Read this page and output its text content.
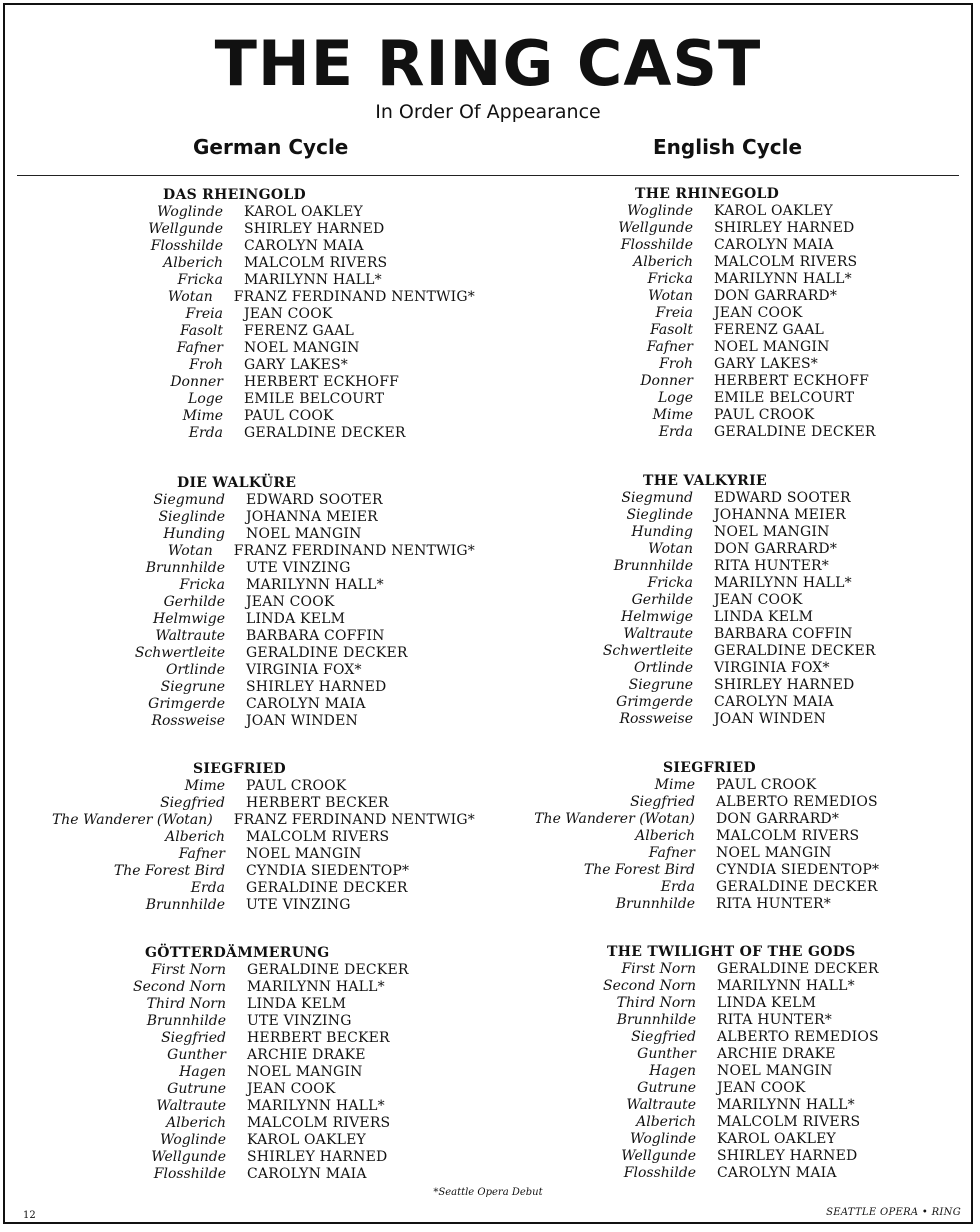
THE RING CAST
In Order Of Appearance
German Cycle	English Cycle
DAS RHEINGOLD
Woglinde	KAROL OAKLEY
Wellgunde	SHIRLEY HARNED
Flosshilde	CAROLYN MAIA
Alberich	MALCOLM RIVERS
Fricka	MARILYNN HALL*
Wotan	FRANZ FERDINAND NENTWIG*
Freia	JEAN COOK
Fasolt	FERENZ GAAL
Fafner	NOEL MANGIN
Froh	GARY LAKES*
Donner	HERBERT ECKHOFF
Loge	EMILE BELCOURT
Mime	PAUL COOK
Erda	GERALDINE DECKER
DIE WALKÜRE
Siegmund	EDWARD SOOTER
Sieglinde	JOHANNA MEIER
Hunding	NOEL MANGIN
Wotan	FRANZ FERDINAND NENTWIG*
Brunnhilde	UTE VINZING
Fricka	MARILYNN HALL*
Gerhilde	JEAN COOK
Helmwige	LINDA KELM
Waltraute	BARBARA COFFIN
Schwertleite	GERALDINE DECKER
Ortlinde	VIRGINIA FOX*
Siegrune	SHIRLEY HARNED
Grimgerde	CAROLYN MAIA
Rossweise	JOAN WINDEN
SIEGFRIED
Mime	PAUL CROOK
Siegfried	HERBERT BECKER
The Wanderer (Wotan)	FRANZ FERDINAND NENTWIG*
Alberich	MALCOLM RIVERS
Fafner	NOEL MANGIN
The Forest Bird	CYNDIA SIEDENTOP*
Erda	GERALDINE DECKER
Brunnhilde	UTE VINZING
GÖTTERDÄMMERUNG
First Norn	GERALDINE DECKER
Second Norn	MARILYNN HALL*
Third Norn	LINDA KELM
Brunnhilde	UTE VINZING
Siegfried	HERBERT BECKER
Gunther	ARCHIE DRAKE
Hagen	NOEL MANGIN
Gutrune	JEAN COOK
Waltraute	MARILYNN HALL*
Alberich	MALCOLM RIVERS
Woglinde	KAROL OAKLEY
Wellgunde	SHIRLEY HARNED
Flosshilde	CAROLYN MAIA
THE RHINEGOLD
Woglinde	KAROL OAKLEY
Wellgunde	SHIRLEY HARNED
Flosshilde	CAROLYN MAIA
Alberich	MALCOLM RIVERS
Fricka	MARILYNN HALL*
Wotan	DON GARRARD*
Freia	JEAN COOK
Fasolt	FERENZ GAAL
Fafner	NOEL MANGIN
Froh	GARY LAKES*
Donner	HERBERT ECKHOFF
Loge	EMILE BELCOURT
Mime	PAUL CROOK
Erda	GERALDINE DECKER
THE VALKYRIE
Siegmund	EDWARD SOOTER
Sieglinde	JOHANNA MEIER
Hunding	NOEL MANGIN
Wotan	DON GARRARD*
Brunnhilde	RITA HUNTER*
Fricka	MARILYNN HALL*
Gerhilde	JEAN COOK
Helmwige	LINDA KELM
Waltraute	BARBARA COFFIN
Schwertleite	GERALDINE DECKER
Ortlinde	VIRGINIA FOX*
Siegrune	SHIRLEY HARNED
Grimgerde	CAROLYN MAIA
Rossweise	JOAN WINDEN
SIEGFRIED
Mime	PAUL CROOK
Siegfried	ALBERTO REMEDIOS
The Wanderer (Wotan)	DON GARRARD*
Alberich	MALCOLM RIVERS
Fafner	NOEL MANGIN
The Forest Bird	CYNDIA SIEDENTOP*
Erda	GERALDINE DECKER
Brunnhilde	RITA HUNTER*
THE TWILIGHT OF THE GODS
First Norn	GERALDINE DECKER
Second Norn	MARILYNN HALL*
Third Norn	LINDA KELM
Brunnhilde	RITA HUNTER*
Siegfried	ALBERTO REMEDIOS
Gunther	ARCHIE DRAKE
Hagen	NOEL MANGIN
Gutrune	JEAN COOK
Waltraute	MARILYNN HALL*
Alberich	MALCOLM RIVERS
Woglinde	KAROL OAKLEY
Wellgunde	SHIRLEY HARNED
Flosshilde	CAROLYN MAIA
*Seattle Opera Debut
12	SEATTLE OPERA • RING
